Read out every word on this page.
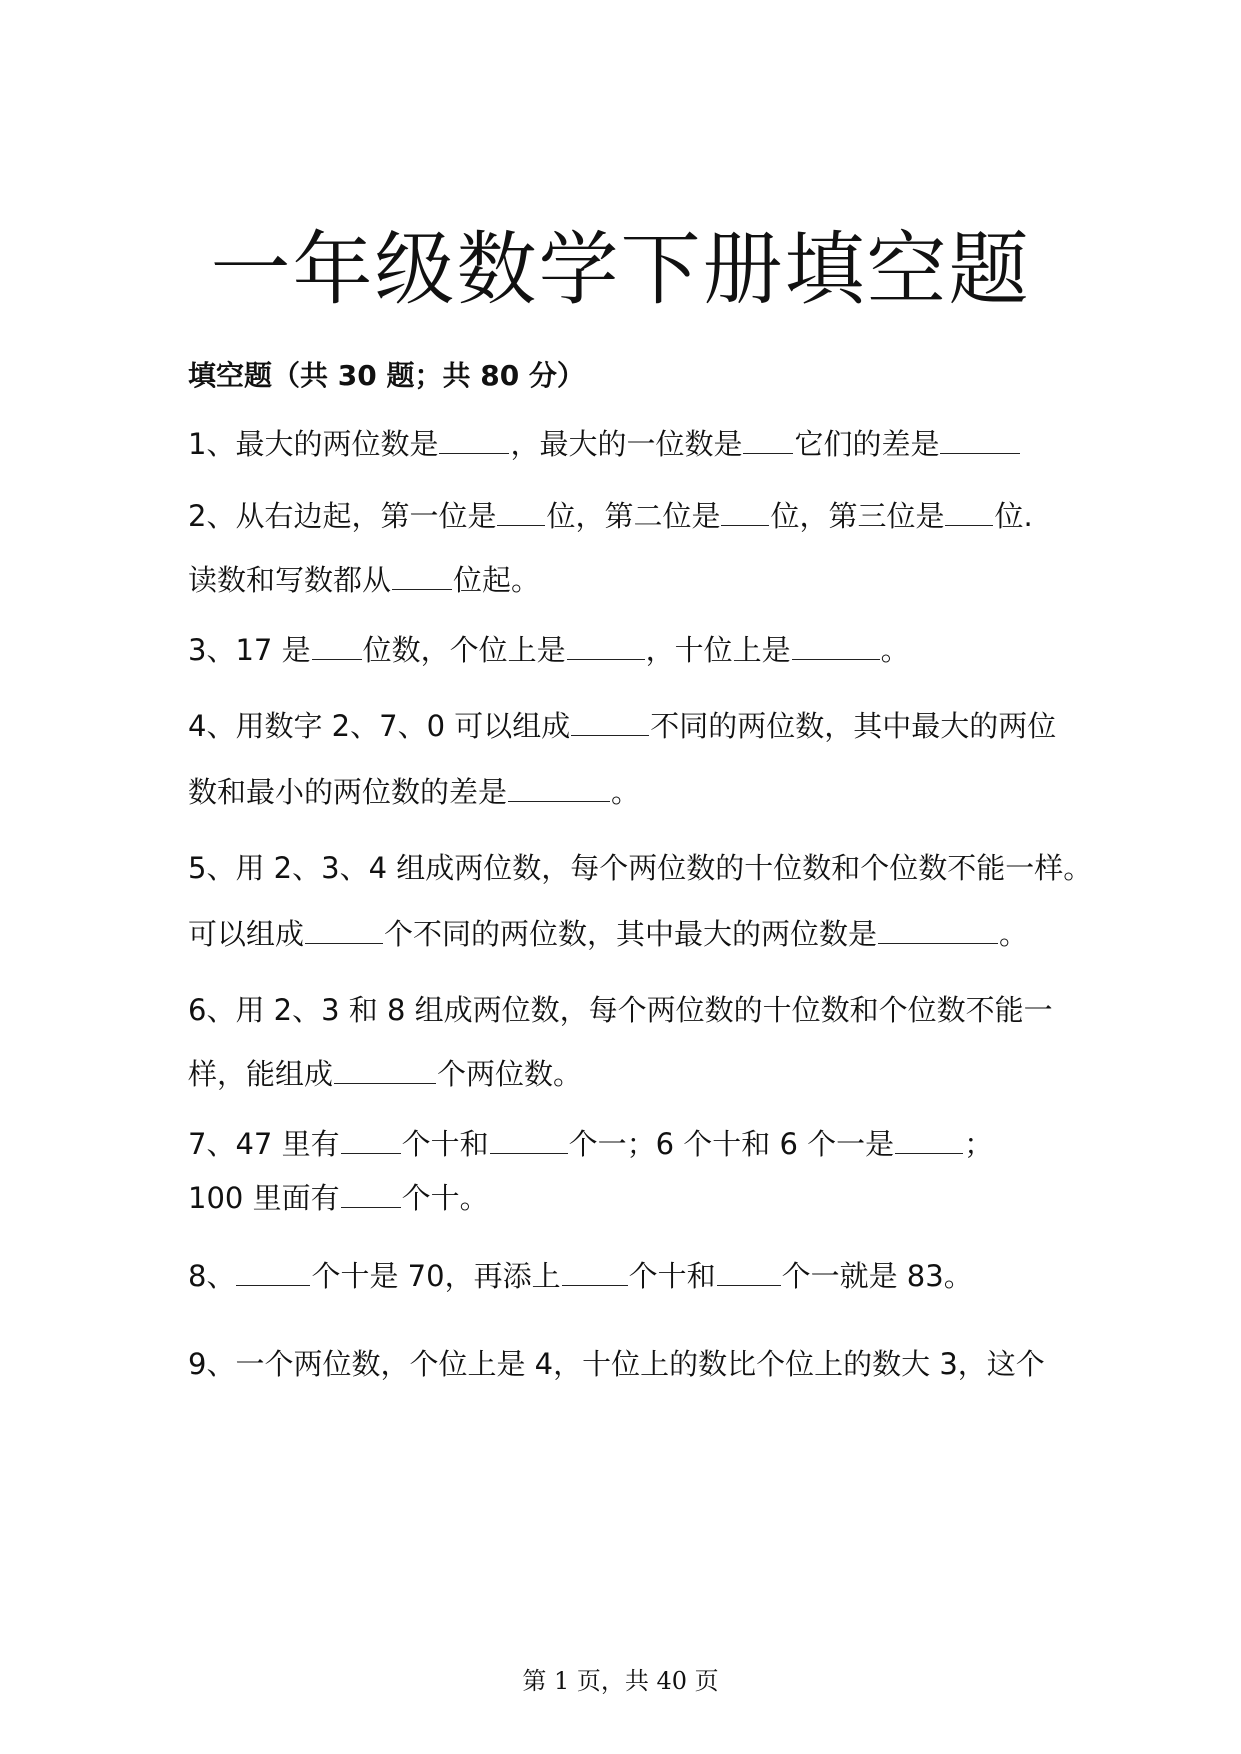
一年级数学下册填空题
填空题（共 30 题；共 80 分）
1、最大的两位数是 ，最大的一位数是 它们的差是
2、从右边起，第一位是 位，第二位是 位，第三位是 位.
读数和写数都从 位起。
3、17 是 位数，个位上是	，十位上是	。
4、用数字 2、7、0 可以组成	不同的两位数，其中最大的两位
数和最小的两位数的差是	。
5、用 2、3、4 组成两位数，每个两位数的十位数和个位数不能一样。
可以组成	个不同的两位数，其中最大的两位数是	。
6、用 2、3 和 8 组成两位数，每个两位数的十位数和个位数不能一
样，能组成	个两位数。
7、47 里有 个十和	个一；6 个十和 6 个一是 ；
100 里面有 个十。
8、	个十是 70，再添上 个十和 个一就是 83。
9、一个两位数，个位上是 4，十位上的数比个位上的数大 3，这个
第 1 页，共 40 页
